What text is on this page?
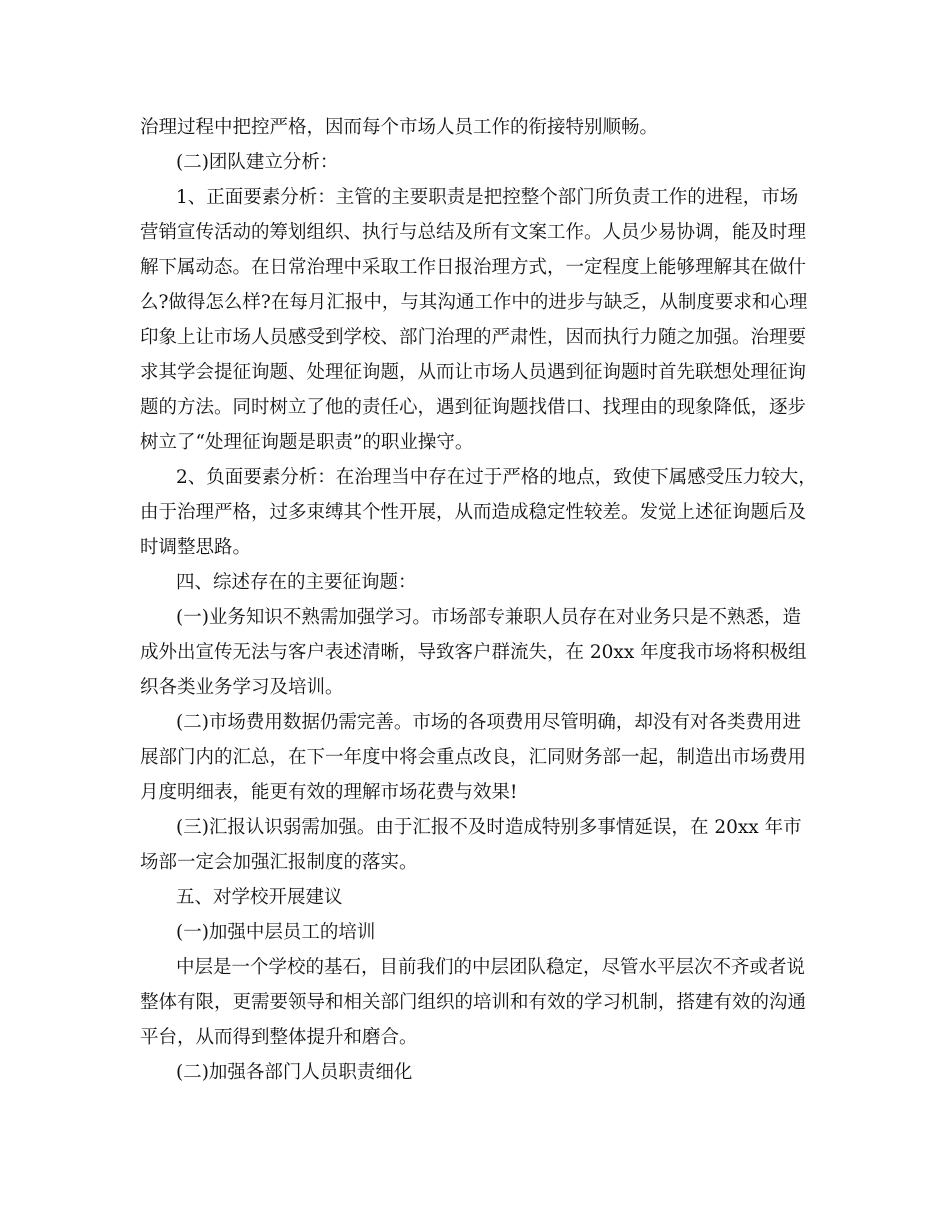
治理过程中把控严格，因而每个市场人员工作的衔接特别顺畅。
(二)团队建立分析：
1、正面要素分析：主管的主要职责是把控整个部门所负责工作的进程，市场
营销宣传活动的筹划组织、执行与总结及所有文案工作。人员少易协调，能及时理
解下属动态。在日常治理中采取工作日报治理方式，一定程度上能够理解其在做什
么?做得怎么样?在每月汇报中，与其沟通工作中的进步与缺乏，从制度要求和心理
印象上让市场人员感受到学校、部门治理的严肃性，因而执行力随之加强。治理要
求其学会提征询题、处理征询题，从而让市场人员遇到征询题时首先联想处理征询
题的方法。同时树立了他的责任心，遇到征询题找借口、找理由的现象降低，逐步
树立了“处理征询题是职责”的职业操守。
2、负面要素分析：在治理当中存在过于严格的地点，致使下属感受压力较大，
由于治理严格，过多束缚其个性开展，从而造成稳定性较差。发觉上述征询题后及
时调整思路。
四、综述存在的主要征询题：
(一)业务知识不熟需加强学习。市场部专兼职人员存在对业务只是不熟悉，造
成外出宣传无法与客户表述清晰，导致客户群流失，在 20xx 年度我市场将积极组
织各类业务学习及培训。
(二)市场费用数据仍需完善。市场的各项费用尽管明确，却没有对各类费用进
展部门内的汇总，在下一年度中将会重点改良，汇同财务部一起，制造出市场费用
月度明细表，能更有效的理解市场花费与效果!
(三)汇报认识弱需加强。由于汇报不及时造成特别多事情延误，在 20xx 年市
场部一定会加强汇报制度的落实。
五、对学校开展建议
(一)加强中层员工的培训
中层是一个学校的基石，目前我们的中层团队稳定，尽管水平层次不齐或者说
整体有限，更需要领导和相关部门组织的培训和有效的学习机制，搭建有效的沟通
平台，从而得到整体提升和磨合。
(二)加强各部门人员职责细化
